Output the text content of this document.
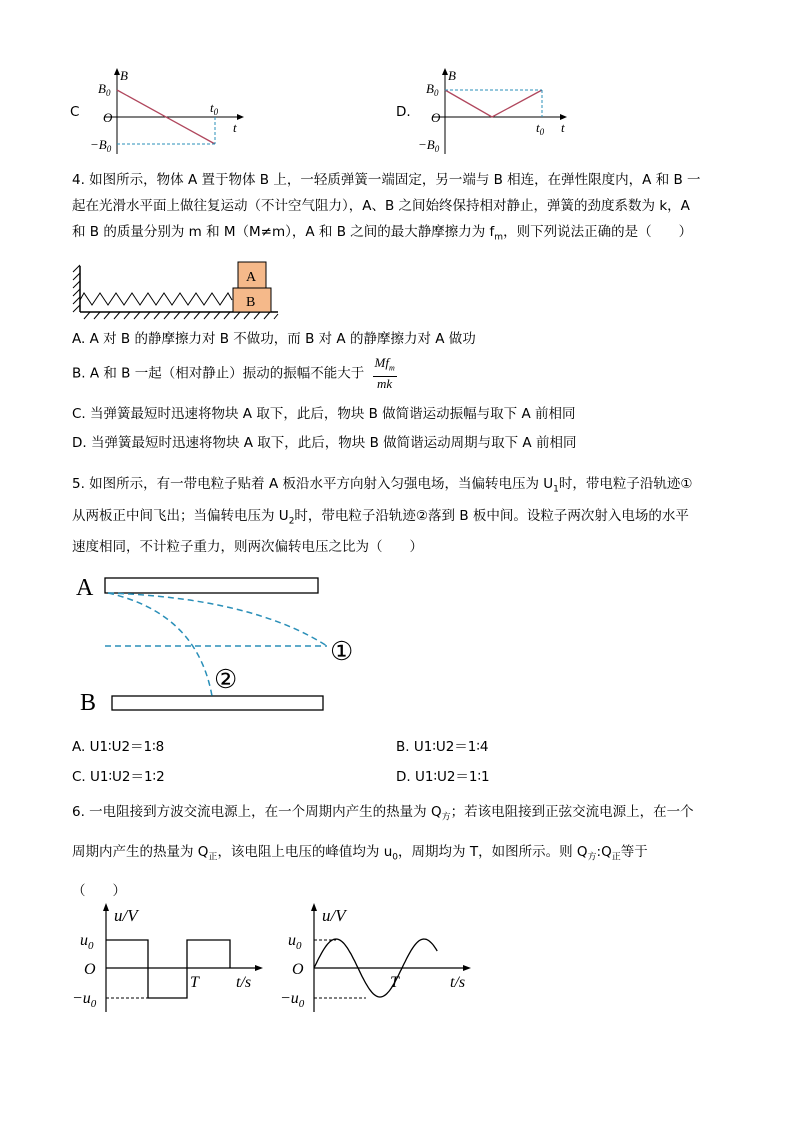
C
B
$B_0$
O
$t_0$
t
$-B_0$
D.
B
$B_0$
O
$t_0$ t
$-B_0$
4. 如图所示，物体 A 置于物体 B 上，一轻质弹簧一端固定，另一端与 B 相连，在弹性限度内，A 和 B 一
起在光滑水平面上做往复运动（不计空气阻力），A、B 之间始终保持相对静止，弹簧的劲度系数为 k，A
和 B 的质量分别为 m 和 M（M≠m），A 和 B 之间的最大静摩擦力为 $f_m$，则下列说法正确的是（　　）
A
B
A. A 对 B 的静摩擦力对 B 不做功，而 B 对 A 的静摩擦力对 A 做功
B. A 和 B 一起（相对静止）振动的振幅不能大于 $\frac{Mf_m}{mk}$
C. 当弹簧最短时迅速将物块 A 取下，此后，物块 B 做简谐运动振幅与取下 A 前相同
D. 当弹簧最短时迅速将物块 A 取下，此后，物块 B 做简谐运动周期与取下 A 前相同
5. 如图所示，有一带电粒子贴着 A 板沿水平方向射入匀强电场，当偏转电压为 $U_1$时，带电粒子沿轨迹①
从两板正中间飞出；当偏转电压为 $U_2$时，带电粒子沿轨迹②落到 B 板中间。设粒子两次射入电场的水平
速度相同，不计粒子重力，则两次偏转电压之比为（　　）
A
B
①
②
A. U1∶U2＝1∶8	B. U1∶U2＝1∶4
C. U1∶U2＝1∶2	D. U1∶U2＝1∶1
6. 一电阻接到方波交流电源上，在一个周期内产生的热量为 $Q_方$；若该电阻接到正弦交流电源上，在一个
周期内产生的热量为 $Q_正$，该电阻上电压的峰值均为 $u_0$，周期均为 T，如图所示。则 $Q_方:Q_正$等于
（　　）
u/V
$u_0$
O
T t/s
$-u_0$
u/V
$u_0$
O
T	t/s
$-u_0$
